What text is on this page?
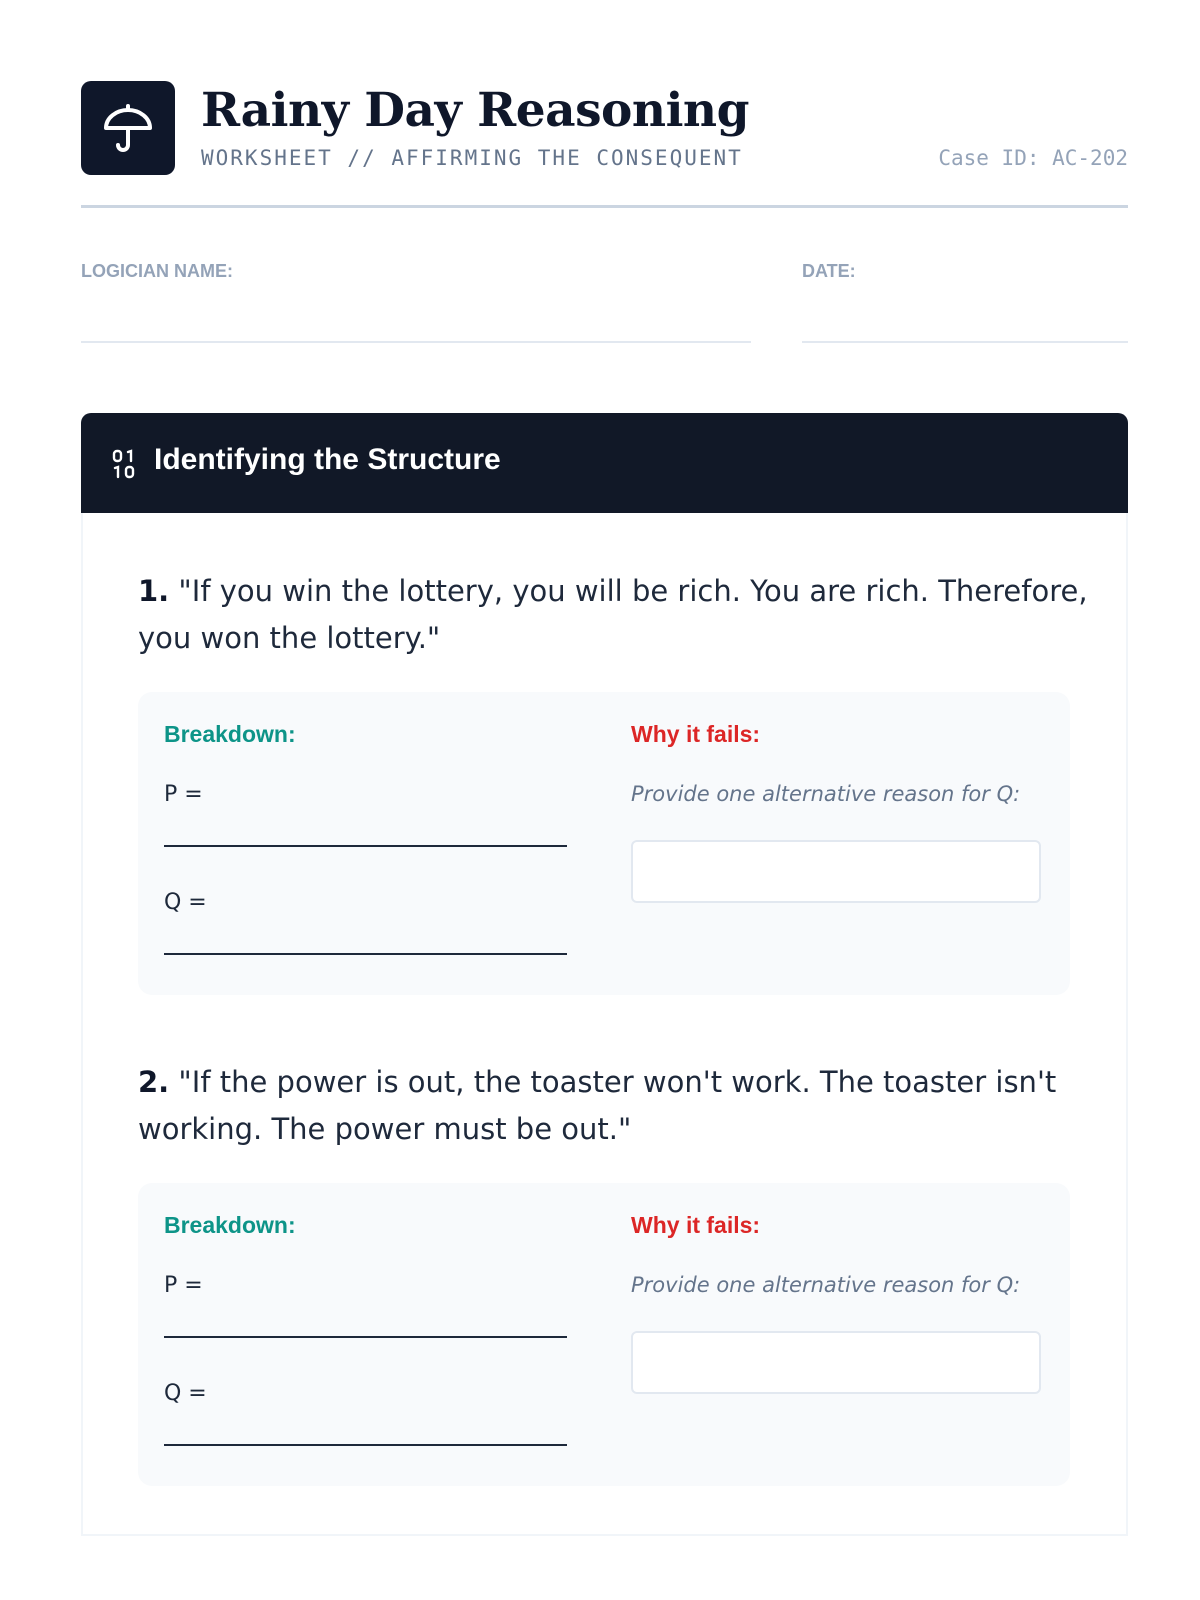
Rainy Day Reasoning
WORKSHEET // AFFIRMING THE CONSEQUENT	Case ID: AC-202
LOGICIAN NAME:	DATE:
Identifying the Structure
1. "If you win the lottery, you will be rich. You are rich. Therefore, you won the lottery."
Breakdown:
P =
Q =
Why it fails:
Provide one alternative reason for Q:
2. "If the power is out, the toaster won't work. The toaster isn't working. The power must be out."
Breakdown:
P =
Q =
Why it fails:
Provide one alternative reason for Q:
